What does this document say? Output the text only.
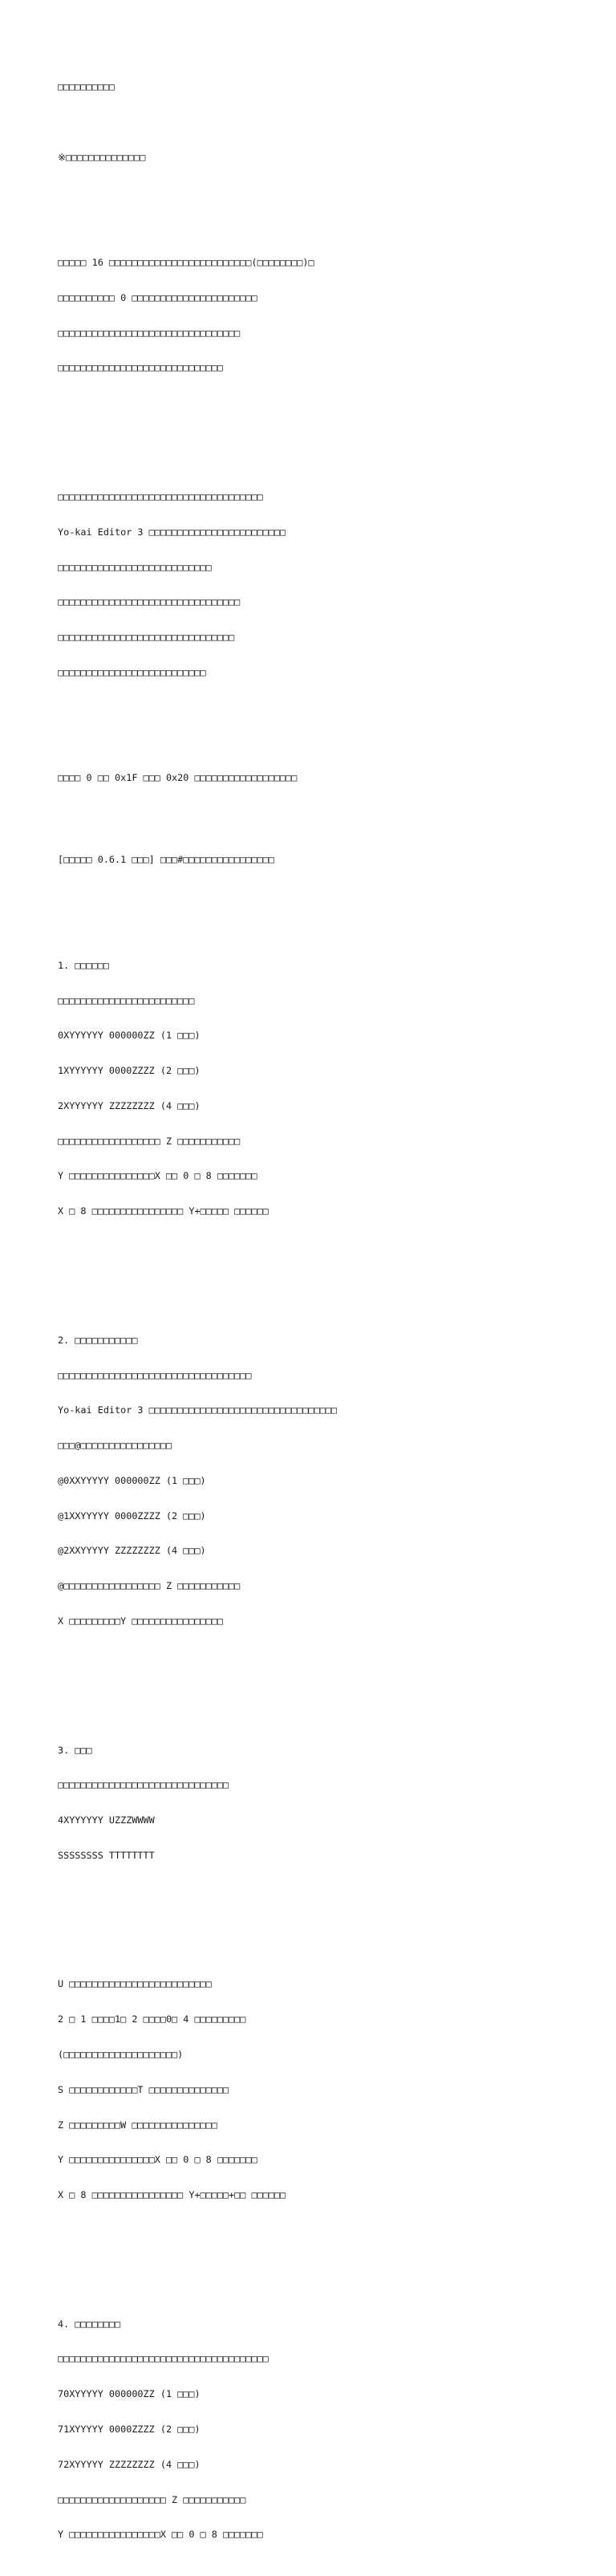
□□□□□□□□□□

※□□□□□□□□□□□□□□

□□□□□ 16 □□□□□□□□□□□□□□□□□□□□□□□□□(□□□□□□□□)□

□□□□□□□□□□ 0 □□□□□□□□□□□□□□□□□□□□□□

□□□□□□□□□□□□□□□□□□□□□□□□□□□□□□□□

□□□□□□□□□□□□□□□□□□□□□□□□□□□□□

□□□□□□□□□□□□□□□□□□□□□□□□□□□□□□□□□□□□

Yo-kai Editor 3 □□□□□□□□□□□□□□□□□□□□□□□□

□□□□□□□□□□□□□□□□□□□□□□□□□□□

□□□□□□□□□□□□□□□□□□□□□□□□□□□□□□□□

□□□□□□□□□□□□□□□□□□□□□□□□□□□□□□□

□□□□□□□□□□□□□□□□□□□□□□□□□□

□□□□ 0 □□ 0x1F □□□ 0x20 □□□□□□□□□□□□□□□□□□

[□□□□□ 0.6.1 □□□] □□□#□□□□□□□□□□□□□□□□

1. □□□□□□

□□□□□□□□□□□□□□□□□□□□□□□□

0XYYYYYY 000000ZZ (1 □□□)

1XYYYYYY 0000ZZZZ (2 □□□)

2XYYYYYY ZZZZZZZZ (4 □□□)

□□□□□□□□□□□□□□□□□□ Z □□□□□□□□□□□

Y □□□□□□□□□□□□□□□X □□ 0 □ 8 □□□□□□□

X □ 8 □□□□□□□□□□□□□□□□ Y+□□□□□ □□□□□□

2. □□□□□□□□□□□

□□□□□□□□□□□□□□□□□□□□□□□□□□□□□□□□□□

Yo-kai Editor 3 □□□□□□□□□□□□□□□□□□□□□□□□□□□□□□□□□

□□□@□□□□□□□□□□□□□□□□

@0XXYYYYY 000000ZZ (1 □□□)

@1XXYYYYY 0000ZZZZ (2 □□□)

@2XXYYYYY ZZZZZZZZ (4 □□□)

@□□□□□□□□□□□□□□□□□ Z □□□□□□□□□□□

X □□□□□□□□□Y □□□□□□□□□□□□□□□□

3. □□□

□□□□□□□□□□□□□□□□□□□□□□□□□□□□□□

4XYYYYYY UZZZWWWW

SSSSSSSS TTTTTTTT

U □□□□□□□□□□□□□□□□□□□□□□□□□

2 □ 1 □□□□1□ 2 □□□□0□ 4 □□□□□□□□□

(□□□□□□□□□□□□□□□□□□□□)

S □□□□□□□□□□□□T □□□□□□□□□□□□□□

Z □□□□□□□□□W □□□□□□□□□□□□□□□

Y □□□□□□□□□□□□□□□X □□ 0 □ 8 □□□□□□□

X □ 8 □□□□□□□□□□□□□□□□ Y+□□□□□+□□ □□□□□□

4. □□□□□□□□

□□□□□□□□□□□□□□□□□□□□□□□□□□□□□□□□□□□□□

70XYYYYY 000000ZZ (1 □□□)

71XYYYYY 0000ZZZZ (2 □□□)

72XYYYYY ZZZZZZZZ (4 □□□)

□□□□□□□□□□□□□□□□□□□ Z □□□□□□□□□□□

Y □□□□□□□□□□□□□□□□X □□ 0 □ 8 □□□□□□□
